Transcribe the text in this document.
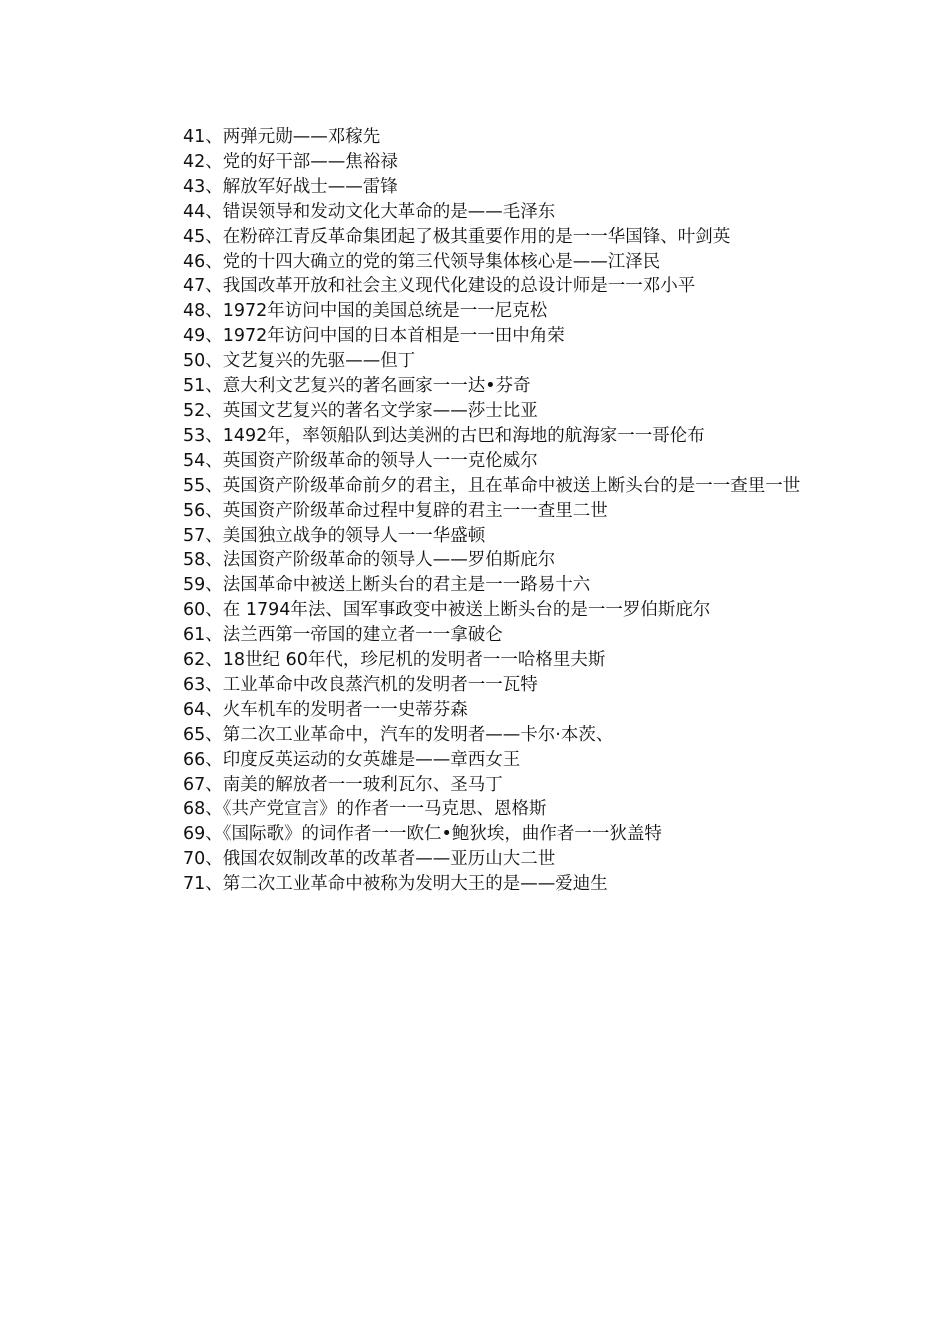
41、两弹元勋——邓稼先

42、党的好干部——焦裕禄

43、解放军好战士——雷锋

44、错误领导和发动文化大革命的是——毛泽东

45、在粉碎江青反革命集团起了极其重要作用的是一一华国锋、叶剑英

46、党的十四大确立的党的第三代领导集体核心是——江泽民

47、我国改革开放和社会主义现代化建设的总设计师是一一邓小平

48、1972年访问中国的美国总统是一一尼克松

49、1972年访问中国的日本首相是一一田中角荣

50、文艺复兴的先驱——但丁

51、意大利文艺复兴的著名画家一一达•芬奇

52、英国文艺复兴的著名文学家——莎士比亚

53、1492年，率领船队到达美洲的古巴和海地的航海家一一哥伦布

54、英国资产阶级革命的领导人一一克伦威尔

55、英国资产阶级革命前夕的君主，且在革命中被送上断头台的是一一查里一世

56、英国资产阶级革命过程中复辟的君主一一查里二世

57、美国独立战争的领导人一一华盛顿

58、法国资产阶级革命的领导人——罗伯斯庇尔

59、法国革命中被送上断头台的君主是一一路易十六

60、在 1794年法、国军事政变中被送上断头台的是一一罗伯斯庇尔

61、法兰西第一帝国的建立者一一拿破仑

62、18世纪 60年代，珍尼机的发明者一一哈格里夫斯

63、工业革命中改良蒸汽机的发明者一一瓦特

64、火车机车的发明者一一史蒂芬森

65、第二次工业革命中，汽车的发明者——卡尔·本茨、

66、印度反英运动的女英雄是——章西女王

67、南美的解放者一一玻利瓦尔、圣马丁

68、《共产党宣言》的作者一一马克思、恩格斯

69、《国际歌》的词作者一一欧仁•鲍狄埃，曲作者一一狄盖特

70、俄国农奴制改革的改革者——亚历山大二世

71、第二次工业革命中被称为发明大王的是——爱迪生
